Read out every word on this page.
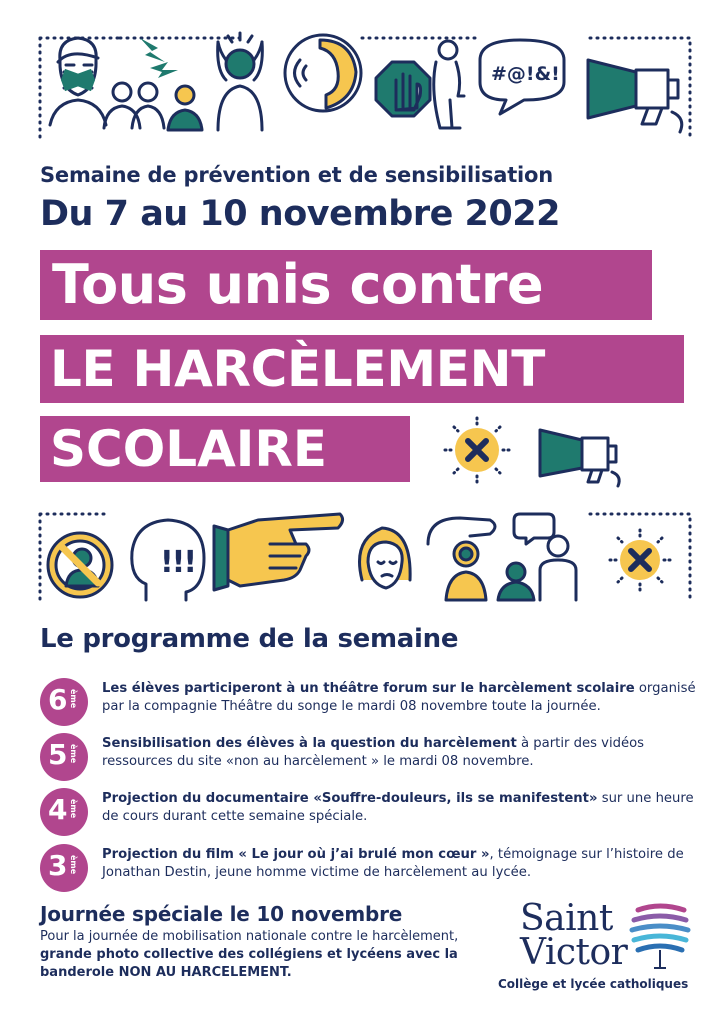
#@!&!
Semaine de prévention et de sensibilisation
Du 7 au 10 novembre 2022
Tous unis contre
LE HARCÈLEMENT
SCOLAIRE
!!!
Le programme de la semaine
6 ème
Les élèves participeront à un théâtre forum sur le harcèlement scolaire organisé par la compagnie Théâtre du songe le mardi 08 novembre toute la journée.
5 ème
Sensibilisation des élèves à la question du harcèlement à partir des vidéos ressources du site «non au harcèlement » le mardi 08 novembre.
4 ème
Projection du documentaire «Souffre-douleurs, ils se manifestent» sur une heure de cours durant cette semaine spéciale.
3 ème
Projection du film « Le jour où j’ai brulé mon cœur », témoignage sur l’histoire de Jonathan Destin, jeune homme victime de harcèlement au lycée.
Journée spéciale le 10 novembre
Pour la journée de mobilisation nationale contre le harcèlement, grande photo collective des collégiens et lycéens avec la banderole NON AU HARCELEMENT.
Saint
Victor
Collège et lycée catholiques
